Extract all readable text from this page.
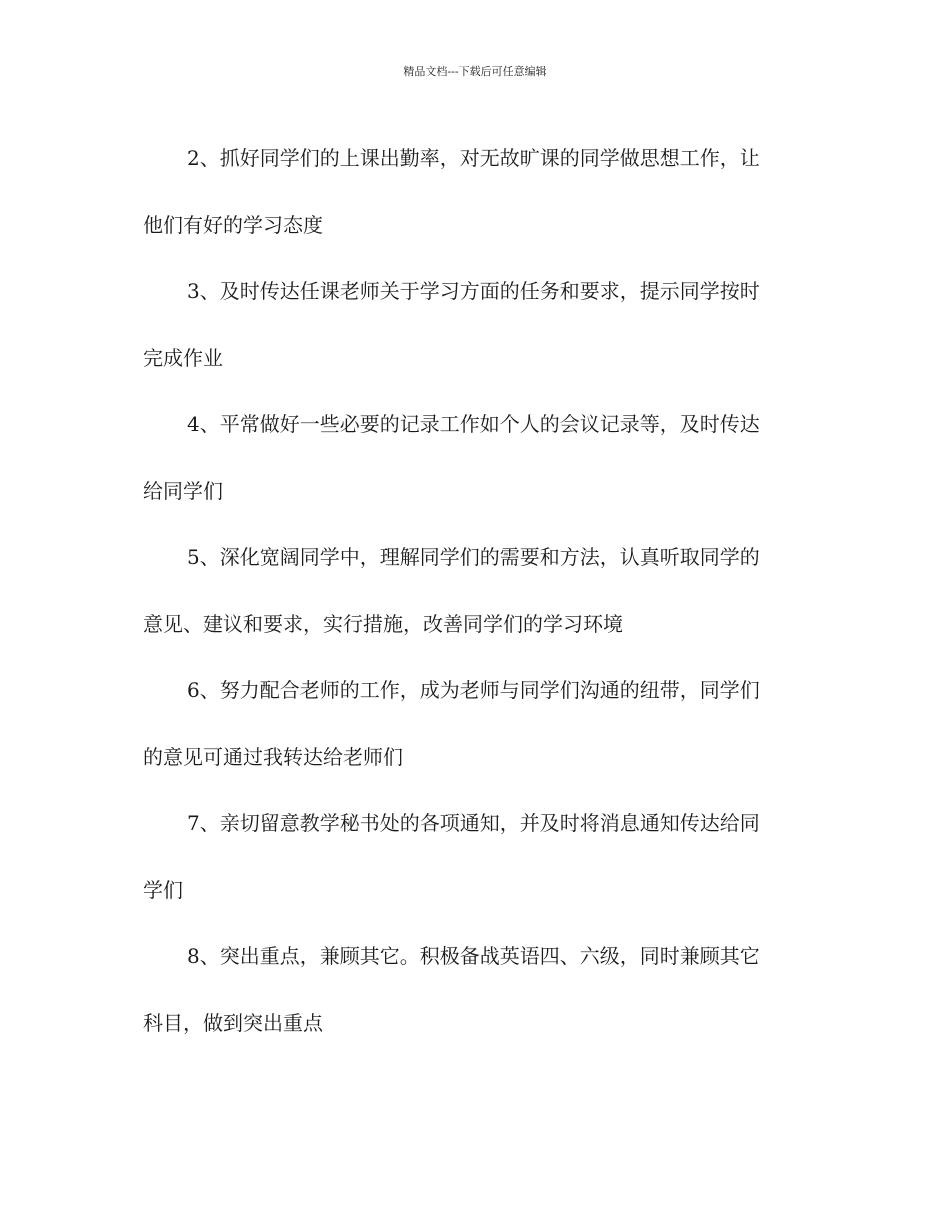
精品文档---下载后可任意编辑
2、抓好同学们的上课出勤率，对无故旷课的同学做思想工作，让
他们有好的学习态度
3、及时传达任课老师关于学习方面的任务和要求，提示同学按时
完成作业
4、平常做好一些必要的记录工作如个人的会议记录等，及时传达
给同学们
5、深化宽阔同学中，理解同学们的需要和方法，认真听取同学的
意见、建议和要求，实行措施，改善同学们的学习环境
6、努力配合老师的工作，成为老师与同学们沟通的纽带，同学们
的意见可通过我转达给老师们
7、亲切留意教学秘书处的各项通知，并及时将消息通知传达给同
学们
8、突出重点，兼顾其它。积极备战英语四、六级，同时兼顾其它
科目，做到突出重点
